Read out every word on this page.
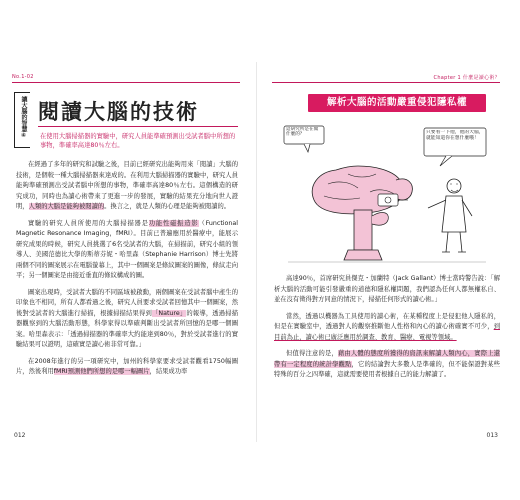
No.1-02
讓大腦的智慧④ 閱讀大腦的技術
在使用大腦掃描器的實驗中，研究人員能準確預測出受試者腦中所想的事物，準確率高達80％左右。

在經過了多年的研究和試驗之後，目前已經研究出能夠用來「閱讀」大腦的技術，是個較一種大腦掃描器來達成的。在利用大腦掃描器的實驗中，研究人員能夠準確預測出受試者腦中所想的事物，準確率高達80％左右。這個構造的研究成功，同時也為讀心術帶來了更進一步的發展，實驗的結果充分地向世人證明，人類的大腦是能夠被閱讀的。換言之，就是人類的心理是能夠被閱讀的。

實驗的研究人員所使用的大腦掃描器是功能性磁振造影（Functional Magnetic Resonance Imaging，fMRI）。目前已普遍應用於醫療中，能展示研究成果的時候，研究人員挑選了6名受試者的大腦，在掃描前，研究小組的領導人、美國范德比大學的斯蒂芬妮・哈里森（Stephanie Harrison）博士先將兩個不同的圖案展示在電腦螢幕上，其中一個圖案是條紋圖案的圖像，條紋走向平；另一個圖案是由接近垂直的條紋構成的圖。

圖案出現時，受試者大腦的不同區域被啟動，兩個圖案在受試者腦中產生的印象也不相同，所有人都看過之後，研究人員要求受試者回憶其中一個圖案，然後對受試者的大腦進行掃描，根據掃描結果得到「Nature」的報導，透過掃描器觀察到的大腦活動形態，科學家得以準確判斷出受試者所回憶的是哪一個圖案。哈里森表示：「透過掃描器的準確率大約能達到80％，對於受試者進行的實驗結果可以證明，這確實是讀心術非常可靠。」

在2008年進行的另一項研究中，加州的科學家要求受試者觀看1750幅圖片，然後利用fMRI預測他們所想的是哪一幅圖片，結果成功率

012
Chapter 1 什麼是讀心術？
解析大腦的活動嚴重侵犯隱私權
這研究所是在做什麼的？	只要看一下他，他的大腦，就能知道你在想什麼哦！

高達90％，首席研究員傑克・加蘭特（Jack Gallant）博士當時警告說：「解析大腦的活動可能引發嚴重的道德和隱私權問題，我們認為任何人都無權私自、並在沒有徵得對方同意的情況下，掃描任何形式的讀心術。」

當然，透過以機器為工具使用的讀心術，在某種程度上是侵犯他人隱私的，但是在實驗室中，透過對人的觀察推斷他人性格和內心的讀心術確實不可少，到目前為止，讀心術已廣泛應用於調查、教育、醫療、電視等領域。

但值得注意的是，藉由人體的態度所獲得的資訊來解讀人類內心，實際上還帶有一定程度的統計學觀點，它的結論對大多數人是準確的，但不能保證對某些特殊的百分之四準確，這就需要使用者根據自己的能力解讀了。

013
